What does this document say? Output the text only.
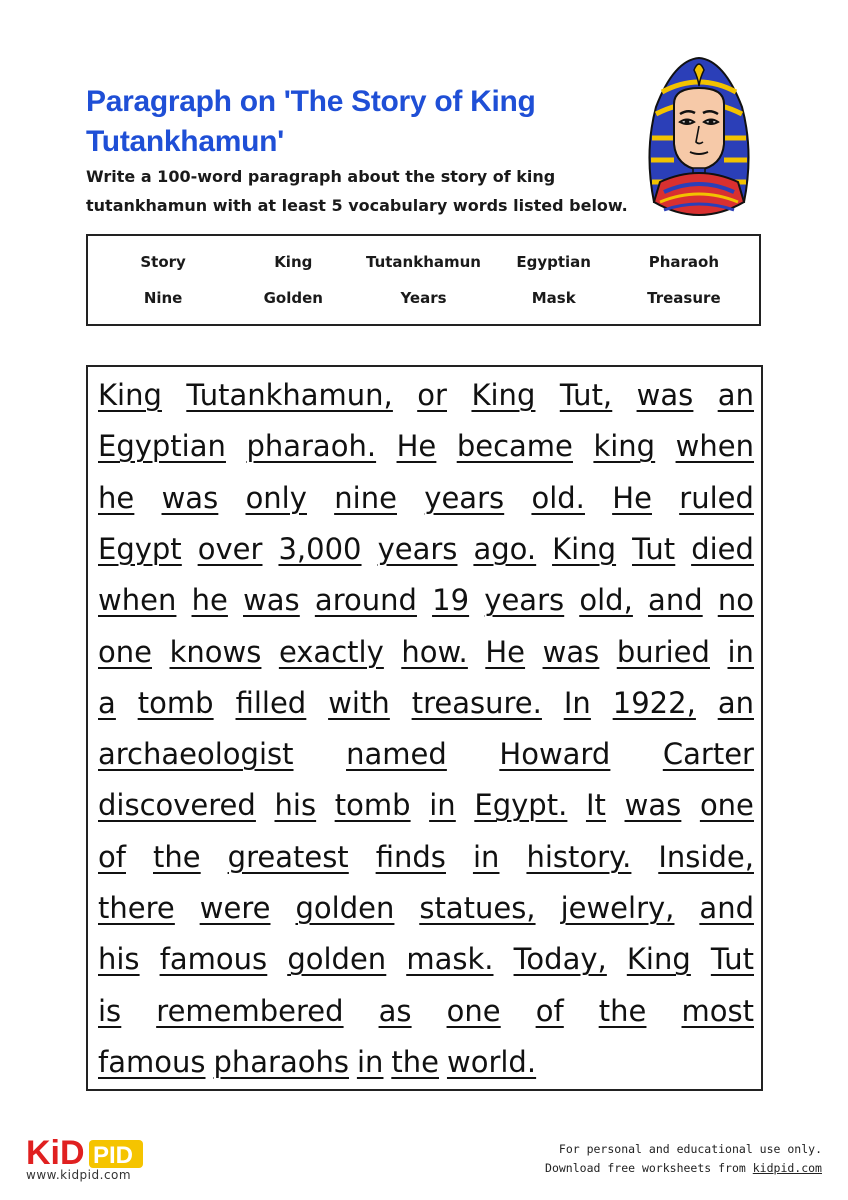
Paragraph on 'The Story of King
Tutankhamun'
Write a 100-word paragraph about the story of king
tutankhamun with at least 5 vocabulary words listed below.
Story	King	Tutankhamun	Egyptian	Pharaoh
Nine	Golden	Years	Mask	Treasure
King Tutankhamun, or King Tut, was an
Egyptian pharaoh. He became king when
he was only nine years old. He ruled
Egypt over 3,000 years ago. King Tut died
when he was around 19 years old, and no
one knows exactly how. He was buried in
a tomb filled with treasure. In 1922, an
archaeologist named Howard Carter
discovered his tomb in Egypt. It was one
of the greatest finds in history. Inside,
there were golden statues, jewelry, and
his famous golden mask. Today, King Tut
is remembered as one of the most
famous pharaohs in the world.
KiD PID
www.kidpid.com
For personal and educational use only.
Download free worksheets from kidpid.com
